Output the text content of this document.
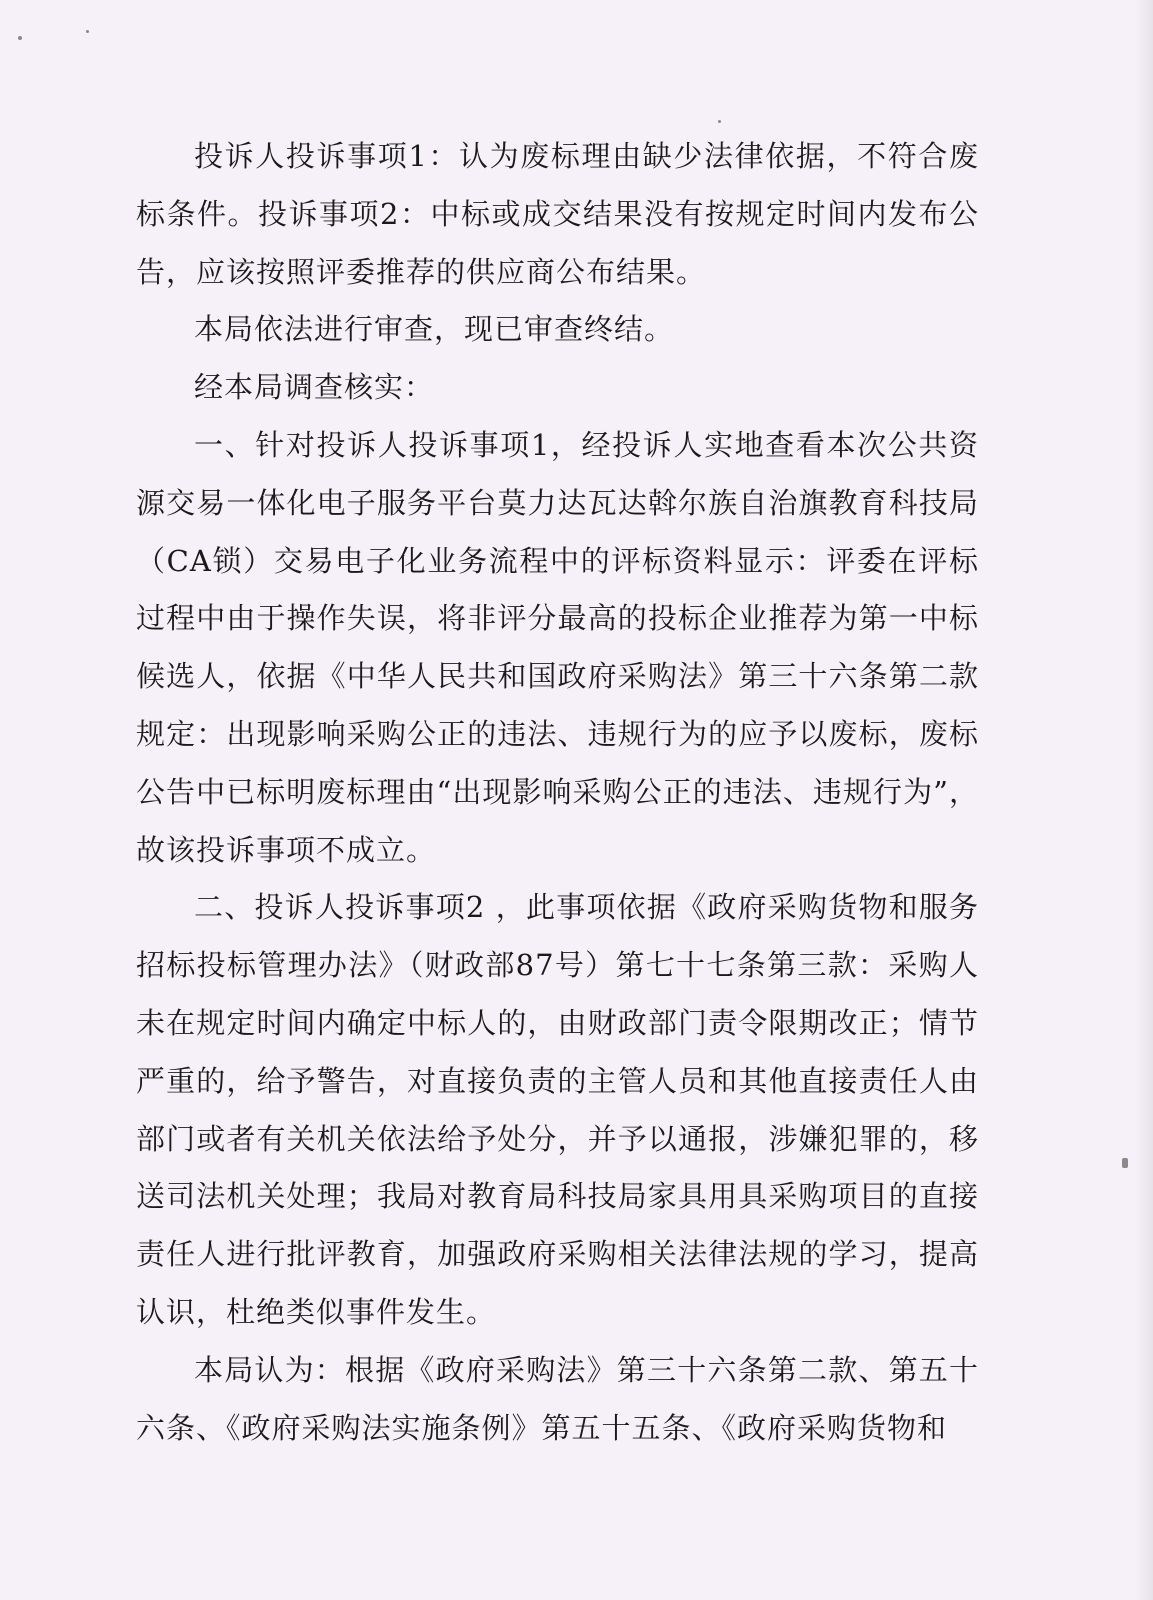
投诉人投诉事项1：认为废标理由缺少法律依据，不符合废标条件。投诉事项2：中标或成交结果没有按规定时间内发布公告，应该按照评委推荐的供应商公布结果。

本局依法进行审查，现已审查终结。

经本局调查核实：

一、针对投诉人投诉事项1，经投诉人实地查看本次公共资源交易一体化电子服务平台莫力达瓦达斡尔族自治旗教育科技局（CA锁）交易电子化业务流程中的评标资料显示：评委在评标过程中由于操作失误，将非评分最高的投标企业推荐为第一中标候选人，依据《中华人民共和国政府采购法》第三十六条第二款规定：出现影响采购公正的违法、违规行为的应予以废标，废标公告中已标明废标理由“出现影响采购公正的违法、违规行为”，故该投诉事项不成立。

二、投诉人投诉事项2 ，此事项依据《政府采购货物和服务招标投标管理办法》（财政部87号）第七十七条第三款：采购人未在规定时间内确定中标人的，由财政部门责令限期改正；情节严重的，给予警告，对直接负责的主管人员和其他直接责任人由部门或者有关机关依法给予处分，并予以通报，涉嫌犯罪的，移送司法机关处理；我局对教育局科技局家具用具采购项目的直接责任人进行批评教育，加强政府采购相关法律法规的学习，提高认识，杜绝类似事件发生。

本局认为：根据《政府采购法》第三十六条第二款、第五十六条、《政府采购法实施条例》第五十五条、《政府采购货物和
